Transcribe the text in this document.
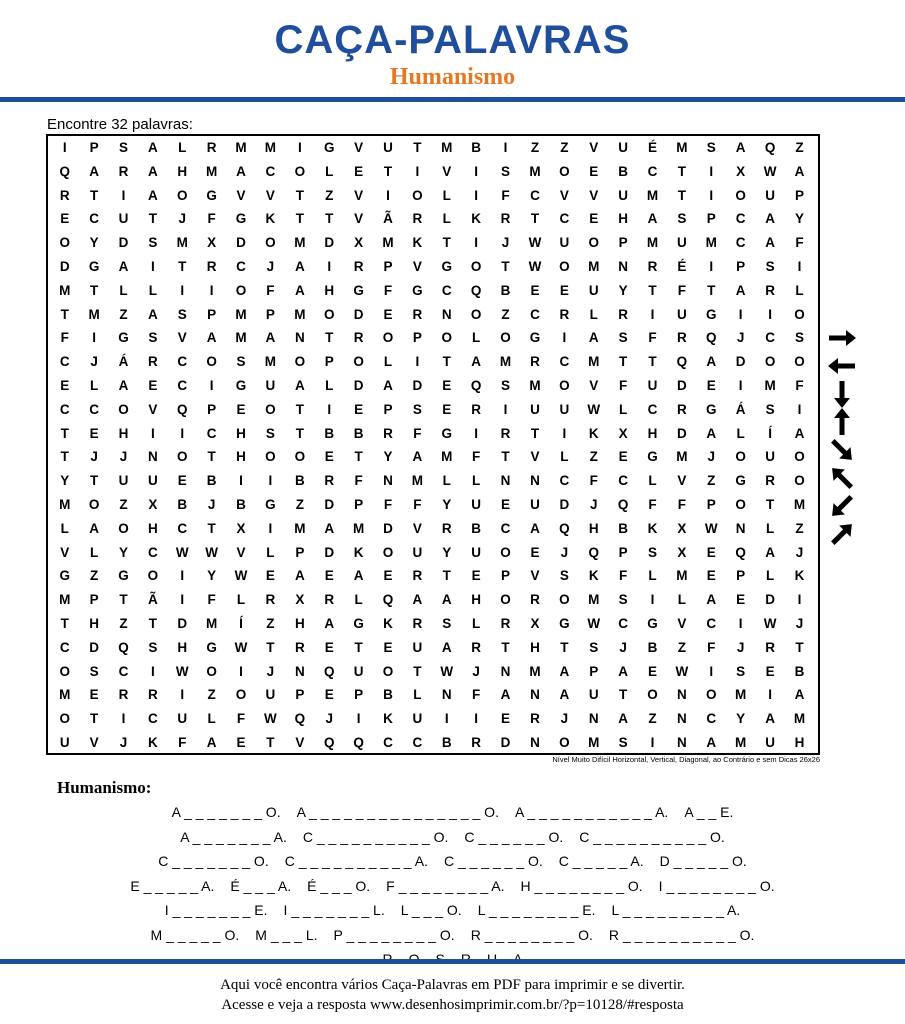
CAÇA-PALAVRAS
Humanismo
Encontre 32 palavras:
I	P	S	A	L	R	M	M	I	G	V	U	T	M	B	I	Z	Z	V	U	É	M	S	A	Q	Z
Q	A	R	A	H	M	A	C	O	L	E	T	I	V	I	S	M	O	E	B	C	T	I	X	W	A
R	T	I	A	O	G	V	V	T	Z	V	I	O	L	I	F	C	V	V	U	M	T	I	O	U	P
E	C	U	T	J	F	G	K	T	T	V	Ã	R	L	K	R	T	C	E	H	A	S	P	C	A	Y
O	Y	D	S	M	X	D	O	M	D	X	M	K	T	I	J	W	U	O	P	M	U	M	C	A	F
D	G	A	I	T	R	C	J	A	I	R	P	V	G	O	T	W	O	M	N	R	É	I	P	S	I
M	T	L	L	I	I	O	F	A	H	G	F	G	C	Q	B	E	E	U	Y	T	F	T	A	R	L
T	M	Z	A	S	P	M	P	M	O	D	E	R	N	O	Z	C	R	L	R	I	U	G	I	I	O
F	I	G	S	V	A	M	A	N	T	R	O	P	O	L	O	G	I	A	S	F	R	Q	J	C	S
C	J	Á	R	C	O	S	M	O	P	O	L	I	T	A	M	R	C	M	T	T	Q	A	D	O	O
E	L	A	E	C	I	G	U	A	L	D	A	D	E	Q	S	M	O	V	F	U	D	E	I	M	F
C	C	O	V	Q	P	E	O	T	I	E	P	S	E	R	I	U	U	W	L	C	R	G	Á	S	I
T	E	H	I	I	C	H	S	T	B	B	R	F	G	I	R	T	I	K	X	H	D	A	L	Í	A
T	J	J	N	O	T	H	O	O	E	T	Y	A	M	F	T	V	L	Z	E	G	M	J	O	U	O
Y	T	U	U	E	B	I	I	B	R	F	N	M	L	L	N	N	C	F	C	L	V	Z	G	R	O
M	O	Z	X	B	J	B	G	Z	D	P	F	F	Y	U	E	U	D	J	Q	F	F	P	O	T	M
L	A	O	H	C	T	X	I	M	A	M	D	V	R	B	C	A	Q	H	B	K	X	W	N	L	Z
V	L	Y	C	W	W	V	L	P	D	K	O	U	Y	U	O	E	J	Q	P	S	X	E	Q	A	J
G	Z	G	O	I	Y	W	E	A	E	A	E	R	T	E	P	V	S	K	F	L	M	E	P	L	K
M	P	T	Ã	I	F	L	R	X	R	L	Q	A	A	H	O	R	O	M	S	I	L	A	E	D	I
T	H	Z	T	D	M	Í	Z	H	A	G	K	R	S	L	R	X	G	W	C	G	V	C	I	W	J
C	D	Q	S	H	G	W	T	R	E	T	E	U	A	R	T	H	T	S	J	B	Z	F	J	R	T
O	S	C	I	W	O	I	J	N	Q	U	O	T	W	J	N	M	A	P	A	E	W	I	S	E	B
M	E	R	R	I	Z	O	U	P	E	P	B	L	N	F	A	N	A	U	T	O	N	O	M	I	A
O	T	I	C	U	L	F	W	Q	J	I	K	U	I	I	E	R	J	N	A	Z	N	C	Y	A	M
U	V	J	K	F	A	E	T	V	Q	Q	C	C	B	R	D	N	O	M	S	I	N	A	M	U	H
Nível Muito Difícil Horizontal, Vertical, Diagonal, ao Contrário e sem Dicas 26x26
Humanismo:
A _ _ _ _ _ _ _ O. A _ _ _ _ _ _ _ _ _ _ _ _ _ _ _ O. A _ _ _ _ _ _ _ _ _ _ _ A. A _ _ E.
A _ _ _ _ _ _ _ A. C _ _ _ _ _ _ _ _ _ _ O. C _ _ _ _ _ _ O. C _ _ _ _ _ _ _ _ _ _ O.
C _ _ _ _ _ _ _ O. C _ _ _ _ _ _ _ _ _ _ A. C _ _ _ _ _ _ O. C _ _ _ _ _ A. D _ _ _ _ _ O.
E _ _ _ _ _ A. É _ _ _ A. É _ _ _ O. F _ _ _ _ _ _ _ _ A. H _ _ _ _ _ _ _ _ O. I _ _ _ _ _ _ _ _ O.
I _ _ _ _ _ _ _ E. I _ _ _ _ _ _ _ L. L _ _ _ O. L _ _ _ _ _ _ _ _ E. L _ _ _ _ _ _ _ _ _ A.
M _ _ _ _ _ O. M _ _ _ L. P _ _ _ _ _ _ _ _ O. R _ _ _ _ _ _ _ _ O. R _ _ _ _ _ _ _ _ _ _ O.
Aqui você encontra vários Caça-Palavras em PDF para imprimir e se divertir.
Acesse e veja a resposta www.desenhosimprimir.com.br/?p=10128/#resposta
